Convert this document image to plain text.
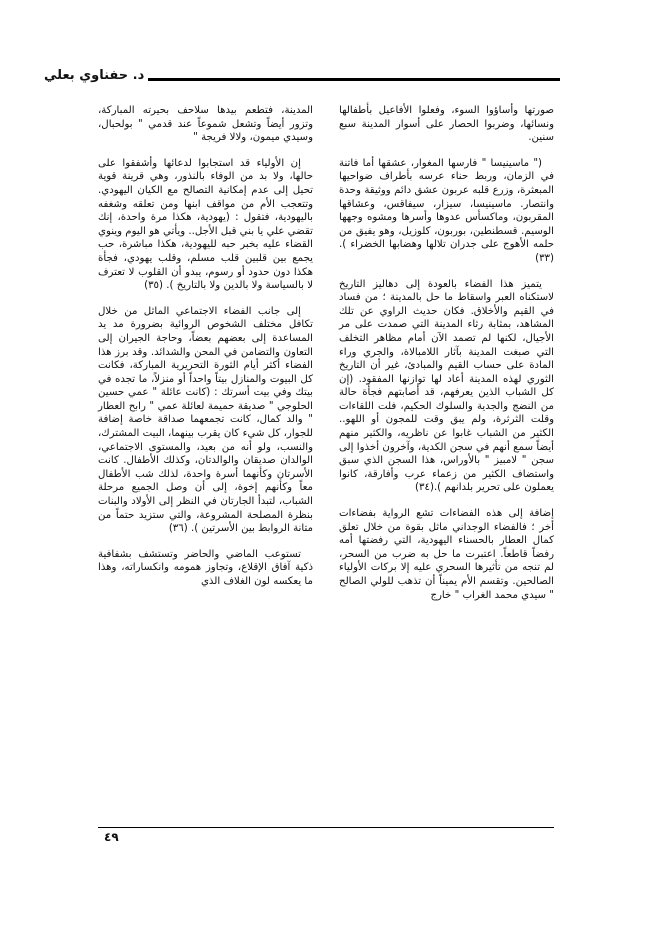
د. حفناوي بعلي

صورتها وأساؤوا السوء، وفعلوا الأفاعيل بأطفالها ونسائها، وضربوا الحصار على أسوار المدينة سبع سنين.

(" ماسينيسا " فارسها المغوار، عشقها أما فاتنة في الزمان، وربط حناء عرسه بأطراف ضواحيها المبعثرة، وزرع قلبه عربون عشق دائم ووثيقة وحدة وانتصار. ماسينيسا، سيزار، سيفاقس، وعشاقها المقربون، وماكسأس عدوها وأسرها ومشوه وجهها الوسيم. قسطنطين، بوربون، كلوزيل، وهو يفيق من حلمه الأهوج على جدران تلالها وهضابها الخضراء ). (٣٣)

يتميز هذا الفضاء بالعودة إلى دهاليز التاريخ لاستكناه العبر واسقاط ما حل بالمدينة ؛ من فساد في القيم والأخلاق. فكان حديث الراوي عن تلك المشاهد، بمثابة رثاء المدينة التي صمدت على مر الأجيال، لكنها لم تصمد الآن أمام مظاهر التخلف التي صبغت المدينة بآثار اللامبالاة، والجري وراء المادة على حساب القيم والمبادئ، غير أن التاريخ الثوري لهذه المدينة أعاد لها توازنها المفقود. (إن كل الشباب الذين يعرفهم، قد أصابتهم فجأة حالة من النضج والجدية والسلوك الحكيم، فلت اللقاءات وقلت الثرثرة، ولم يبق وقت للمجون أو اللهو.. الكثير من الشباب غابوا عن ناظريه، والكثير منهم أيضاً سمع أنهم في سجن الكدية، وآخرون أخذوا إلى سجن " لامبيز " بالأوراس، هذا السجن الذي سبق واستضاف الكثير من زعماء عرب وأفارقة، كانوا يعملون على تحرير بلدانهم ).(٣٤)

إضافة إلى هذه الفضاءات تشع الرواية بفضاءات أخر ؛ فالفضاء الوجداني ماثل بقوة من خلال تعلق كمال العطار بالحسناء اليهودية، التي رفضتها أمه رفضاً قاطعاً. اعتبرت ما حل به ضرب من السحر، لم تنجه من تأثيرها السحري عليه إلا بركات الأولياء الصالحين. وتقسم الأم يميناً أن تذهب للولي الصالح " سيدي محمد الغراب " خارج

المدينة، فتطعم بيدها سلاحف بحيرته المباركة، وتزور أيضاً وتشعل شموعاً عند قدمي " بولحبال، وسيدي ميمون، ولالا فريجة "

إن الأولياء قد استجابوا لدعائها وأشفقوا على حالها، ولا بد من الوفاء بالنذور، وهي قرينة قوية تحيل إلى عدم إمكانية التصالح مع الكيان اليهودي. وتتعجب الأم من مواقف ابنها ومن تعلقه وشغفه باليهودية، فتقول : (يهودية، هكذا مرة واحدة، إنك تقضي علي يا بني قبل الأجل.. ويأتي هو اليوم وينوي القضاء عليه بخبر حبه لليهودية، هكذا مباشرة، حب يجمع بين قلبين قلب مسلم، وقلب يهودي، فجأة هكذا دون حدود أو رسوم، يبدو أن القلوب لا تعترف لا بالسياسة ولا بالدين ولا بالتاريخ ). (٣٥)

إلى جانب الفضاء الاجتماعي الماثل من خلال تكافل مختلف الشخوص الروائية بضرورة مد يد المساعدة إلى بعضهم بعضاً، وحاجة الجيران إلى التعاون والتضامن في المحن والشدائد. وقد برز هذا الفضاء أكثر أيام الثورة التحريرية المباركة، فكانت كل البيوت والمنازل بيتاً واحداً أو منزلاً، ما تجده في بيتك وفي بيت أسرتك : (كانت عائلة " عمي حسين الحلوجي " صديقة حميمة لعائلة عمي " رابح العطار " والد كمال، كانت تجمعهما صداقة خاصة إضافة للجوار، كل شيء كان يقرب بينهما، البيت المشترك، والنسب، ولو أنه من بعيد، والمستوى الاجتماعي، الوالدان صديقان والوالدتان، وكذلك الأطفال. كانت الأسرتان وكأنهما أسرة واحدة، لذلك شب الأطفال معاً وكأنهم إخوة، إلى أن وصل الجميع مرحلة الشباب، لتبدأ الجارتان في النظر إلى الأولاد والبنات بنظرة المصلحة المشروعة، والتي ستزيد حتماً من متانة الروابط بين الأسرتين ). (٣٦)

تستوعب الماضي والحاضر وتستشف بشفافية ذكية آفاق الإقلاع، وتجاوز همومه وانكساراته، وهذا ما يعكسه لون الغلاف الذي

٤٩
